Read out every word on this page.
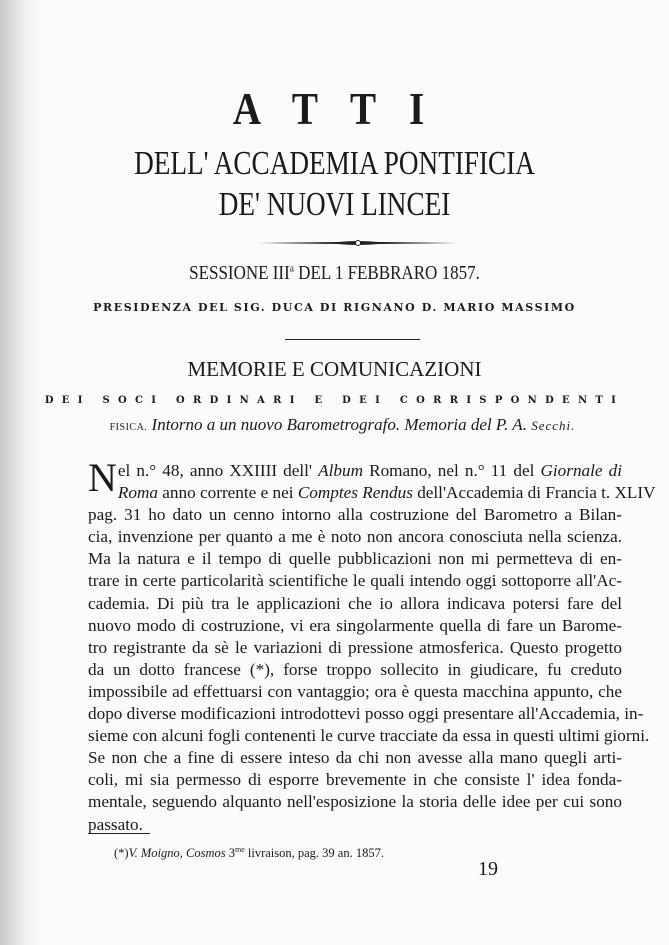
A T T I
DELL' ACCADEMIA PONTIFICIA
DE' NUOVI LINCEI
SESSIONE III$^a$ DEL 1 FEBBRARO 1857.
PRESIDENZA DEL SIG. DUCA DI RIGNANO D. MARIO MASSIMO
MEMORIE E COMUNICAZIONI
DEI SOCI ORDINARI E DEI CORRISPONDENTI
FISICA. Intorno a un nuovo Barometrografo. Memoria del P. A. Secchi.
N el n.° 48, anno XXIIII dell' Album Romano, nel n.° 11 del Giornale di
Roma anno corrente e nei Comptes Rendus dell'Accademia di Francia t. XLIV
pag. 31 ho dato un cenno intorno alla costruzione del Barometro a Bilan-
cia, invenzione per quanto a me è noto non ancora conosciuta nella scienza.
Ma la natura e il tempo di quelle pubblicazioni non mi permetteva di en-
trare in certe particolarità scientifiche le quali intendo oggi sottoporre all'Ac-
cademia. Di più tra le applicazioni che io allora indicava potersi fare del
nuovo modo di costruzione, vi era singolarmente quella di fare un Barome-
tro registrante da sè le variazioni di pressione atmosferica. Questo progetto
da un dotto francese (*), forse troppo sollecito in giudicare, fu creduto
impossibile ad effettuarsi con vantaggio; ora è questa macchina appunto, che
dopo diverse modificazioni introdottevi posso oggi presentare all'Accademia, in-
sieme con alcuni fogli contenenti le curve tracciate da essa in questi ultimi giorni.
Se non che a fine di essere inteso da chi non avesse alla mano quegli arti-
coli, mi sia permesso di esporre brevemente in che consiste l' idea fonda-
mentale, seguendo alquanto nell'esposizione la storia delle idee per cui sono
passato.
(*)V. Moigno, Cosmos $3^{me}$ livraison, pag. 39 an. 1857.
19
